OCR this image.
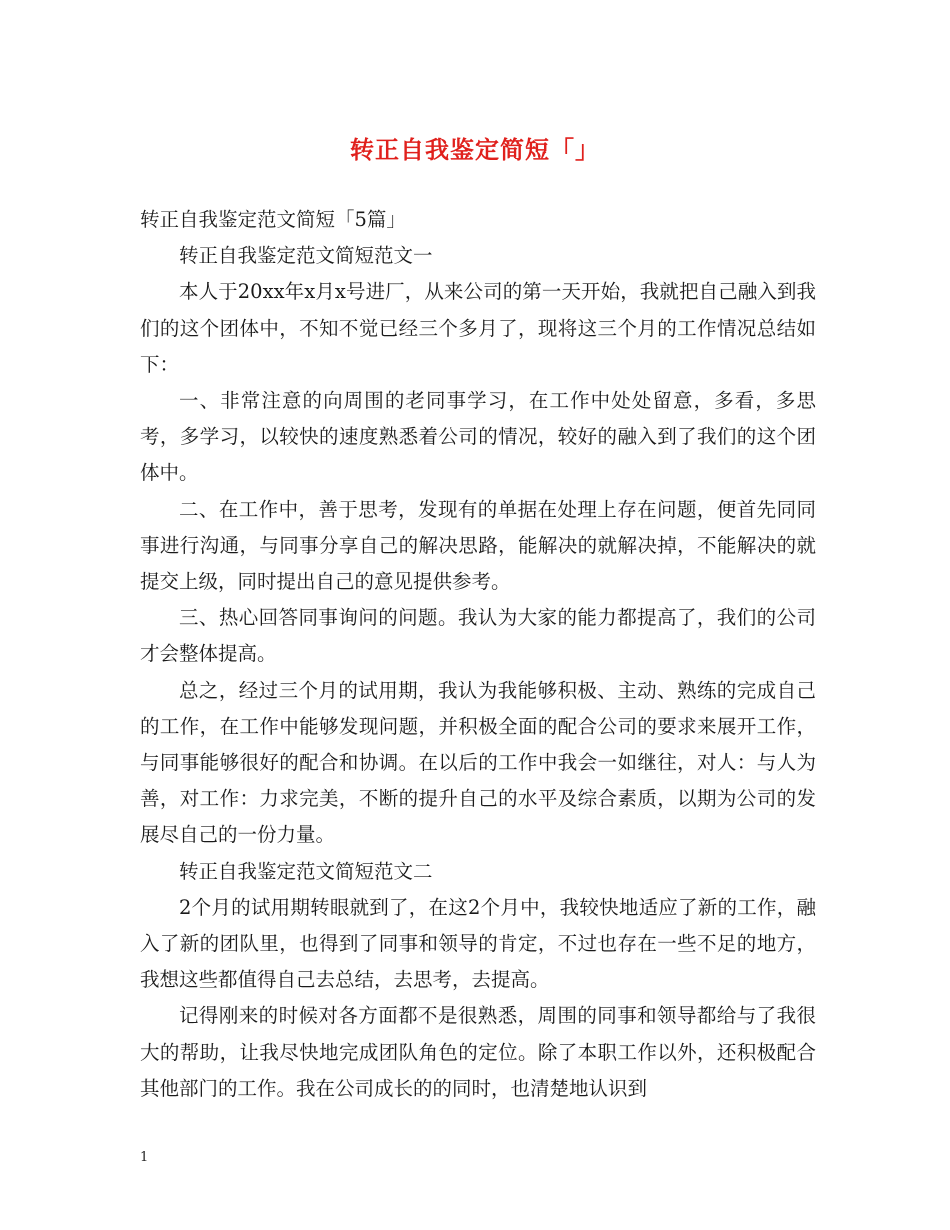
转正自我鉴定简短「」

转正自我鉴定范文简短「5篇」

转正自我鉴定范文简短范文一

本人于20xx年x月x号进厂，从来公司的第一天开始，我就把自己融入到我们的这个团体中，不知不觉已经三个多月了，现将这三个月的工作情况总结如下：

一、非常注意的向周围的老同事学习，在工作中处处留意，多看，多思考，多学习，以较快的速度熟悉着公司的情况，较好的融入到了我们的这个团体中。

二、在工作中，善于思考，发现有的单据在处理上存在问题，便首先同同事进行沟通，与同事分享自己的解决思路，能解决的就解决掉，不能解决的就提交上级，同时提出自己的意见提供参考。

三、热心回答同事询问的问题。我认为大家的能力都提高了，我们的公司才会整体提高。

总之，经过三个月的试用期，我认为我能够积极、主动、熟练的完成自己的工作，在工作中能够发现问题，并积极全面的配合公司的要求来展开工作，与同事能够很好的配合和协调。在以后的工作中我会一如继往，对人：与人为善，对工作：力求完美，不断的提升自己的水平及综合素质，以期为公司的发展尽自己的一份力量。

转正自我鉴定范文简短范文二

2个月的试用期转眼就到了，在这2个月中，我较快地适应了新的工作，融入了新的团队里，也得到了同事和领导的肯定，不过也存在一些不足的地方，我想这些都值得自己去总结，去思考，去提高。

记得刚来的时候对各方面都不是很熟悉，周围的同事和领导都给与了我很大的帮助，让我尽快地完成团队角色的定位。除了本职工作以外，还积极配合其他部门的工作。我在公司成长的的同时，也清楚地认识到

1
